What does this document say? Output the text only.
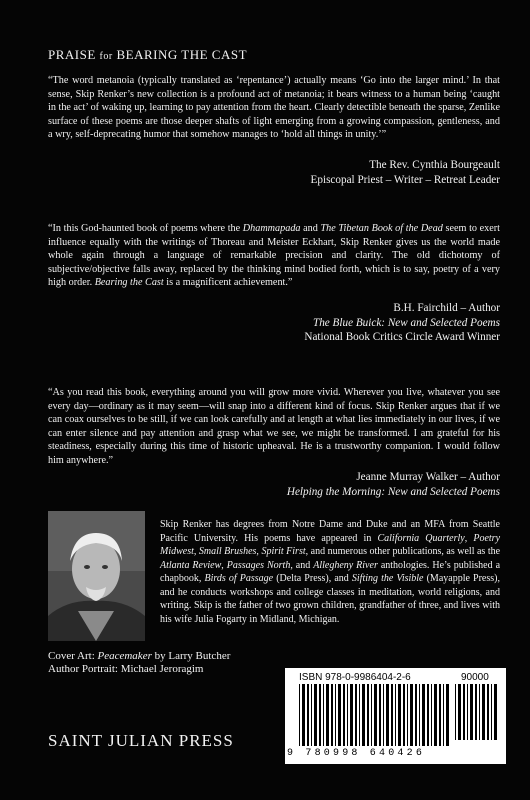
PRAISE for BEARING THE CAST

“The word metanoia (typically translated as ‘repentance’) actually means ‘Go into the larger mind.’ In that sense, Skip Renker’s new collection is a profound act of metanoia; it bears witness to a human being ‘caught in the act’ of waking up, learning to pay attention from the heart. Clearly detectible beneath the sparse, Zenlike surface of these poems are those deeper shafts of light emerging from a growing compassion, gentleness, and a wry, self-deprecating humor that somehow manages to ‘hold all things in unity.’”

The Rev. Cynthia Bourgeault
Episcopal Priest – Writer – Retreat Leader

“In this God-haunted book of poems where the Dhammapada and The Tibetan Book of the Dead seem to exert influence equally with the writings of Thoreau and Meister Eckhart, Skip Renker gives us the world made whole again through a language of remarkable precision and clarity. The old dichotomy of subjective/objective falls away, replaced by the thinking mind bodied forth, which is to say, poetry of a very high order. Bearing the Cast is a magnificent achievement.”

B.H. Fairchild – Author
The Blue Buick: New and Selected Poems
National Book Critics Circle Award Winner

“As you read this book, everything around you will grow more vivid. Wherever you live, whatever you see every day—ordinary as it may seem—will snap into a different kind of focus. Skip Renker argues that if we can coax ourselves to be still, if we can look carefully and at length at what lies immediately in our lives, if we can enter silence and pay attention and grasp what we see, we might be transformed. I am grateful for his steadiness, especially during this time of historic upheaval. He is a trustworthy companion. I would follow him anywhere.”

Jeanne Murray Walker – Author
Helping the Morning: New and Selected Poems

Skip Renker has degrees from Notre Dame and Duke and an MFA from Seattle Pacific University. His poems have appeared in California Quarterly, Poetry Midwest, Small Brushes, Spirit First, and numerous other publications, as well as the Atlanta Review, Passages North, and Allegheny River anthologies. He’s published a chapbook, Birds of Passage (Delta Press), and Sifting the Visible (Mayapple Press), and he conducts workshops and college classes in meditation, world religions, and writing. Skip is the father of two grown children, grandfather of three, and lives with his wife Julia Fogarty in Midland, Michigan.

Cover Art: Peacemaker by Larry Butcher
Author Portrait: Michael Jeroragim
SAINT JULIAN PRESS
ISBN 978-0-9986404-2-6	90000
9 780998 640426
